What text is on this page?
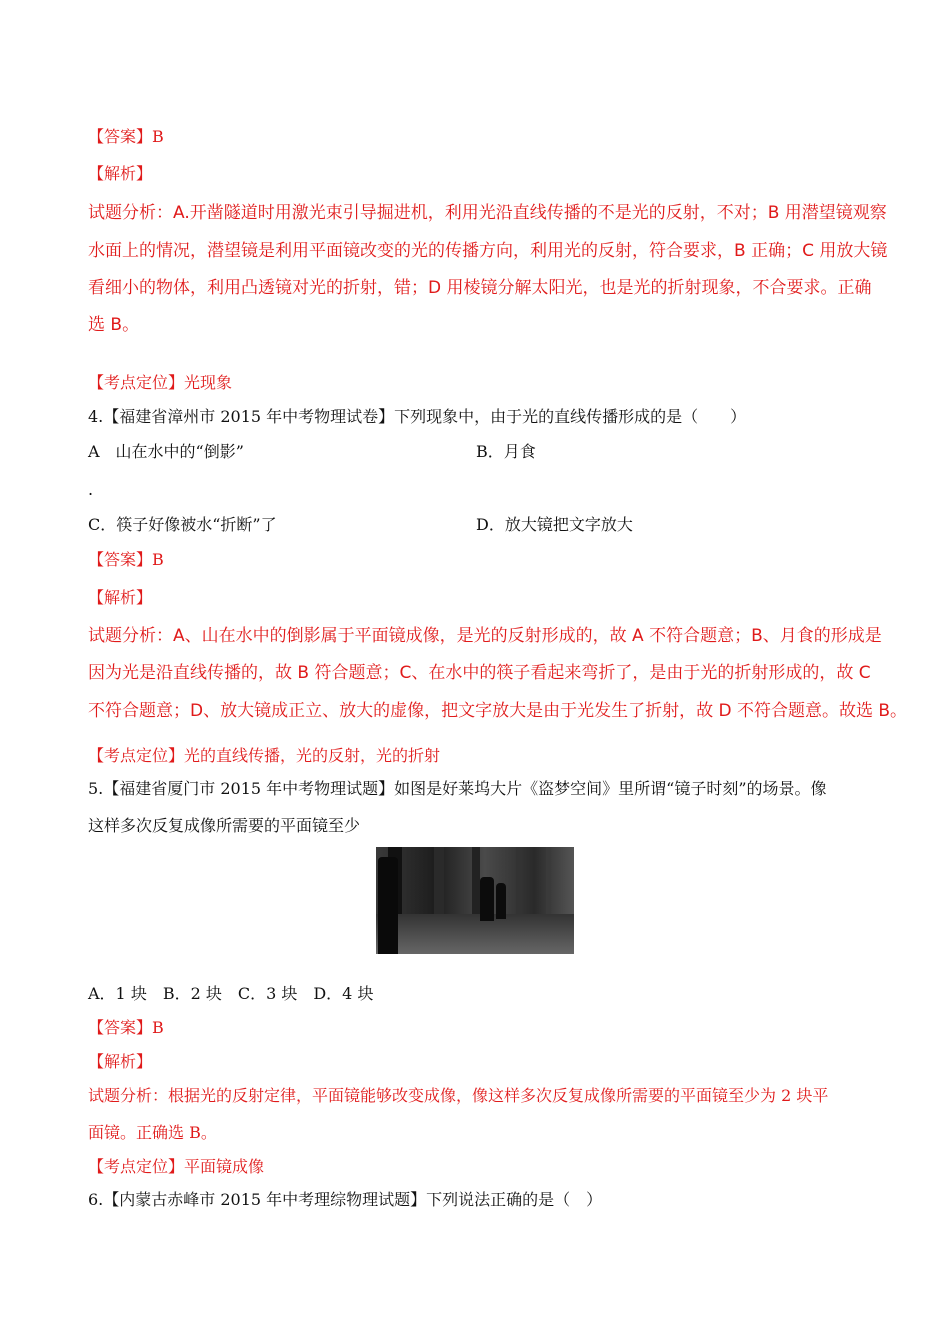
【答案】B
【解析】
试题分析：A.开凿隧道时用激光束引导掘进机，利用光沿直线传播的不是光的反射，不对；B 用潜望镜观察
水面上的情况，潜望镜是利用平面镜改变的光的传播方向，利用光的反射，符合要求，B 正确；C 用放大镜
看细小的物体，利用凸透镜对光的折射，错；D 用棱镜分解太阳光，也是光的折射现象，不合要求。正确
选 B。
【考点定位】光现象
4.【福建省漳州市 2015 年中考物理试卷】下列现象中，由于光的直线传播形成的是（　　）
A　山在水中的“倒影”	B．月食
.
C．筷子好像被水“折断”了	D．放大镜把文字放大
【答案】B
【解析】
试题分析：A、山在水中的倒影属于平面镜成像，是光的反射形成的，故 A 不符合题意；B、月食的形成是
因为光是沿直线传播的，故 B 符合题意；C、在水中的筷子看起来弯折了，是由于光的折射形成的，故 C
不符合题意；D、放大镜成正立、放大的虚像，把文字放大是由于光发生了折射，故 D 不符合题意。故选 B。
【考点定位】光的直线传播，光的反射，光的折射
5.【福建省厦门市 2015 年中考物理试题】如图是好莱坞大片《盗梦空间》里所谓“镜子时刻”的场景。像
这样多次反复成像所需要的平面镜至少
A．1 块　B．2 块　C．3 块　D．4 块
【答案】B
【解析】
试题分析：根据光的反射定律，平面镜能够改变成像，像这样多次反复成像所需要的平面镜至少为 2 块平
面镜。正确选 B。
【考点定位】平面镜成像
6.【内蒙古赤峰市 2015 年中考理综物理试题】下列说法正确的是（　）
